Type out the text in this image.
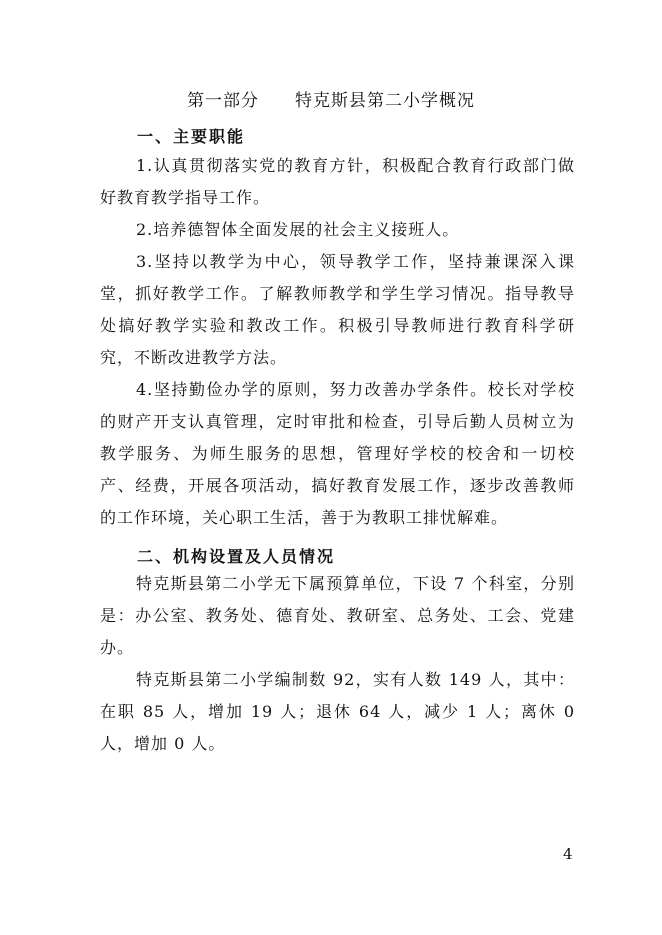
第一部分　　特克斯县第二小学概况
一、主要职能
1.认真贯彻落实党的教育方针，积极配合教育行政部门做好教育教学指导工作。
2.培养德智体全面发展的社会主义接班人。
3.坚持以教学为中心，领导教学工作，坚持兼课深入课堂，抓好教学工作。了解教师教学和学生学习情况。指导教导处搞好教学实验和教改工作。积极引导教师进行教育科学研究，不断改进教学方法。
4.坚持勤俭办学的原则，努力改善办学条件。校长对学校的财产开支认真管理，定时审批和检查，引导后勤人员树立为教学服务、为师生服务的思想，管理好学校的校舍和一切校产、经费，开展各项活动，搞好教育发展工作，逐步改善教师的工作环境，关心职工生活，善于为教职工排忧解难。
二、机构设置及人员情况
特克斯县第二小学无下属预算单位，下设 7 个科室，分别是：办公室、教务处、德育处、教研室、总务处、工会、党建办。
特克斯县第二小学编制数 92，实有人数 149 人，其中：在职 85 人，增加 19 人；退休 64 人，减少 1 人；离休 0 人，增加 0 人。
4
